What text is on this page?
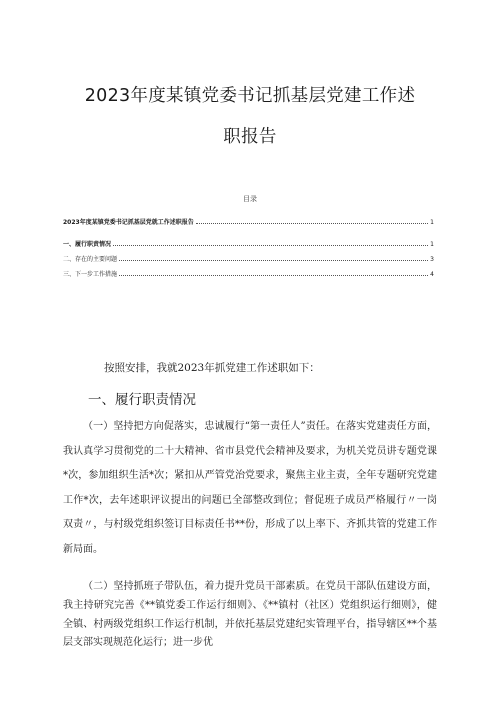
2023年度某镇党委书记抓基层党建工作述
职报告
目录
2023年度某镇党委书记抓基层党就工作述职报告	1
一、履行职责情况	1
二、存在的主要问题	3
三、下一步工作措施	4
按照安排，我就2023年抓党建工作述职如下：
一、履行职责情况

（一）坚持把方向促落实，忠诚履行“第一责任人”责任。在落实党建责任方面，我认真学习贯彻党的二十大精神、省市县党代会精神及要求，为机关党员讲专题党课*次，参加组织生活*次；紧扣从严管党治党要求，聚焦主业主责，全年专题研究党建工作*次，去年述职评议提出的问题已全部整改到位；督促班子成员严格履行〃一岗双责〃，与村级党组织签订目标责任书**份，形成了以上率下、齐抓共管的党建工作新局面。

（二）坚持抓班子带队伍，着力提升党员干部素质。在党员干部队伍建设方面，我主持研究完善《**镇党委工作运行细则》、《**镇村（社区）党组织运行细则》，健全镇、村两级党组织工作运行机制，并依托基层党建纪实管理平台，指导辖区**个基层支部实现规范化运行；进一步优
